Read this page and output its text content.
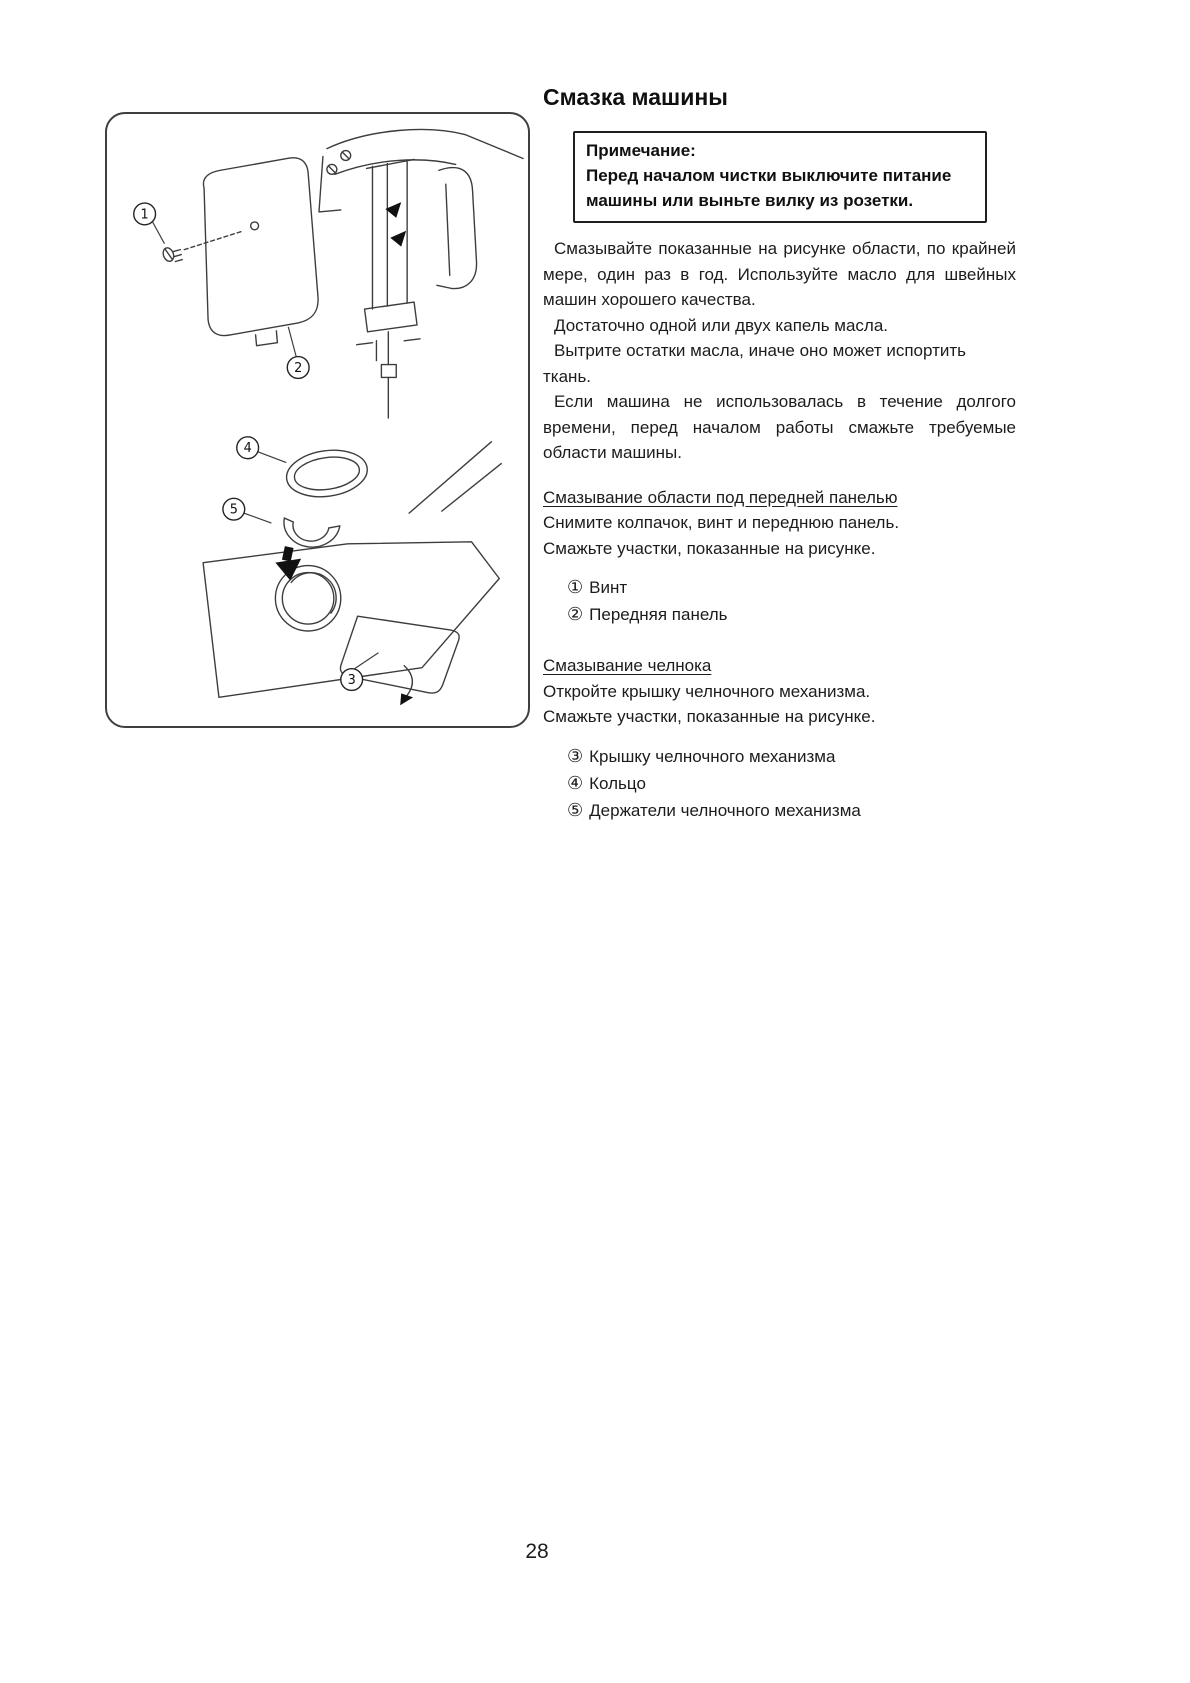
1
2
3
4
5
Смазка машины
Примечание:
Перед началом чистки выключите питание машины или выньте вилку из розетки.

Смазывайте показанные на рисунке области, по крайней мере, один раз в год. Используйте масло для швейных машин хорошего качества.

Достаточно одной или двух капель масла.

Вытрите остатки масла, иначе оно может испортить ткань.

Если машина не использовалась в течение долгого времени, перед началом работы смажьте требуемые области машины.

Смазывание области под передней панелью

Снимите колпачок, винт и переднюю панель.

Смажьте участки, показанные на рисунке.

① Винт
② Передняя панель
Смазывание челнока

Откройте крышку челночного механизма.

Смажьте участки, показанные на рисунке.

③ Крышку челночного механизма
④ Кольцо
⑤ Держатели челночного механизма
28
